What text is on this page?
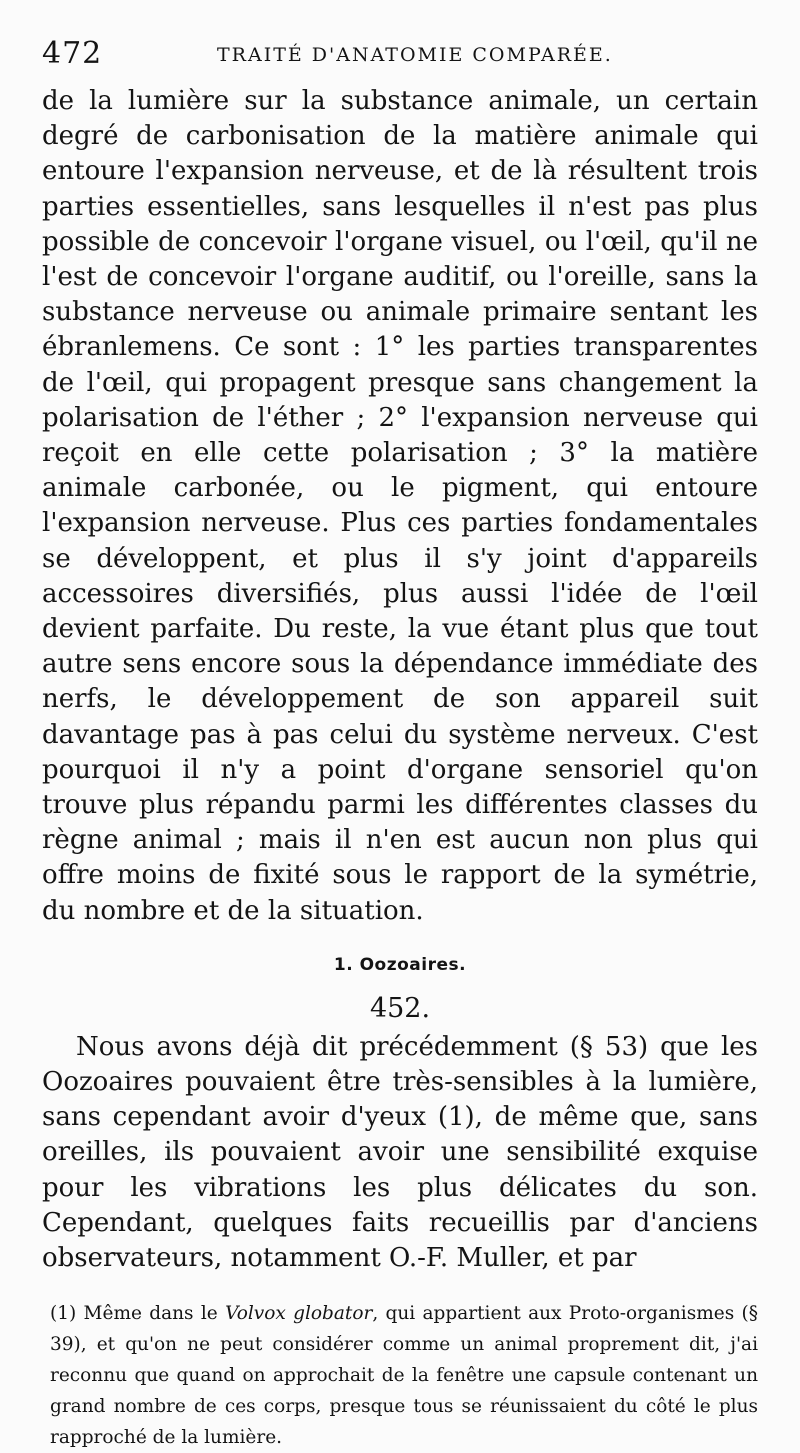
472	TRAITÉ D'ANATOMIE COMPARÉE.

de la lumière sur la substance animale, un certain degré de carbonisation de la matière animale qui entoure l'expansion nerveuse, et de là résultent trois parties essentielles, sans lesquelles il n'est pas plus possible de concevoir l'organe visuel, ou l'œil, qu'il ne l'est de concevoir l'organe auditif, ou l'oreille, sans la substance nerveuse ou animale primaire sentant les ébranlemens. Ce sont : 1° les parties transparentes de l'œil, qui propagent presque sans changement la polarisation de l'éther ; 2° l'expansion nerveuse qui reçoit en elle cette polarisation ; 3° la matière animale carbonée, ou le pigment, qui entoure l'expansion nerveuse. Plus ces parties fondamentales se développent, et plus il s'y joint d'appareils accessoires diversifiés, plus aussi l'idée de l'œil devient parfaite. Du reste, la vue étant plus que tout autre sens encore sous la dépendance immédiate des nerfs, le développement de son appareil suit davantage pas à pas celui du système nerveux. C'est pourquoi il n'y a point d'organe sensoriel qu'on trouve plus répandu parmi les différentes classes du règne animal ; mais il n'en est aucun non plus qui offre moins de fixité sous le rapport de la symétrie, du nombre et de la situation.

1. Oozoaires.
452.

Nous avons déjà dit précédemment (§ 53) que les Oozoaires pouvaient être très-sensibles à la lumière, sans cependant avoir d'yeux (1), de même que, sans oreilles, ils pouvaient avoir une sensibilité exquise pour les vibrations les plus délicates du son. Cependant, quelques faits recueillis par d'anciens observateurs, notamment O.-F. Muller, et par

(1) Même dans le Volvox globator, qui appartient aux Proto-organismes (§ 39), et qu'on ne peut considérer comme un animal proprement dit, j'ai reconnu que quand on approchait de la fenêtre une capsule contenant un grand nombre de ces corps, presque tous se réunissaient du côté le plus rapproché de la lumière.
